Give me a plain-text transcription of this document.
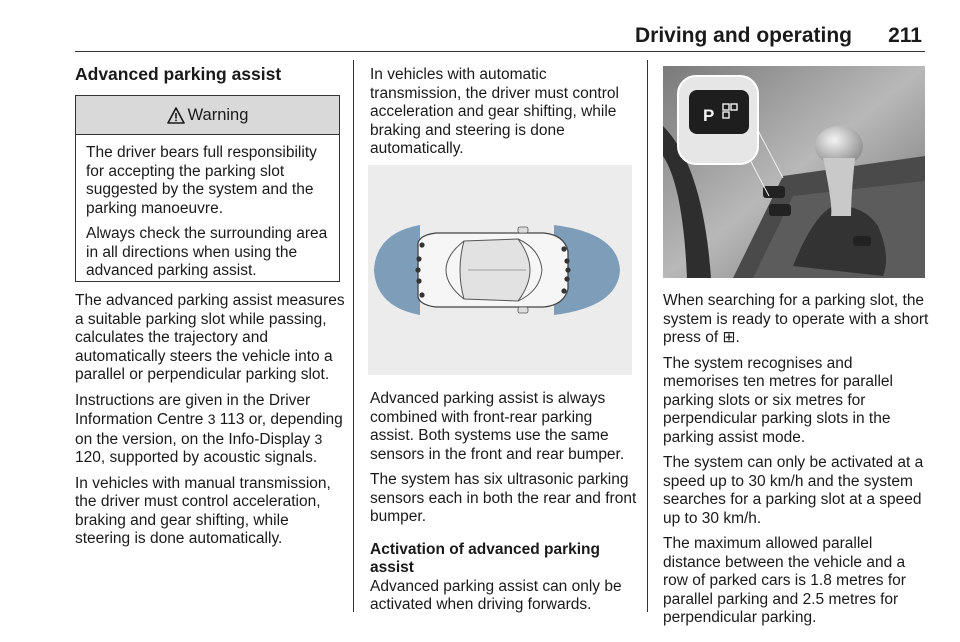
Driving and operating 211
Advanced parking assist
Warning

The driver bears full responsibility for accepting the parking slot suggested by the system and the parking manoeuvre.

Always check the surrounding area in all directions when using the advanced parking assist.

The advanced parking assist measures a suitable parking slot while passing, calculates the trajectory and automatically steers the vehicle into a parallel or perpendicular parking slot.

Instructions are given in the Driver Information Centre 3 113 or, depending on the version, on the Info-Display 3 120, supported by acoustic signals.

In vehicles with manual transmission, the driver must control acceleration, braking and gear shifting, while steering is done automatically.

In vehicles with automatic transmission, the driver must control acceleration and gear shifting, while braking and steering is done automatically.

Advanced parking assist is always combined with front-rear parking assist. Both systems use the same sensors in the front and rear bumper.

The system has six ultrasonic parking sensors each in both the rear and front bumper.

Activation of advanced parking assist

Advanced parking assist can only be activated when driving forwards.

P

When searching for a parking slot, the system is ready to operate with a short press of ⊞.

The system recognises and memorises ten metres for parallel parking slots or six metres for perpendicular parking slots in the parking assist mode.

The system can only be activated at a speed up to 30 km/h and the system searches for a parking slot at a speed up to 30 km/h.

The maximum allowed parallel distance between the vehicle and a row of parked cars is 1.8 metres for parallel parking and 2.5 metres for perpendicular parking.
